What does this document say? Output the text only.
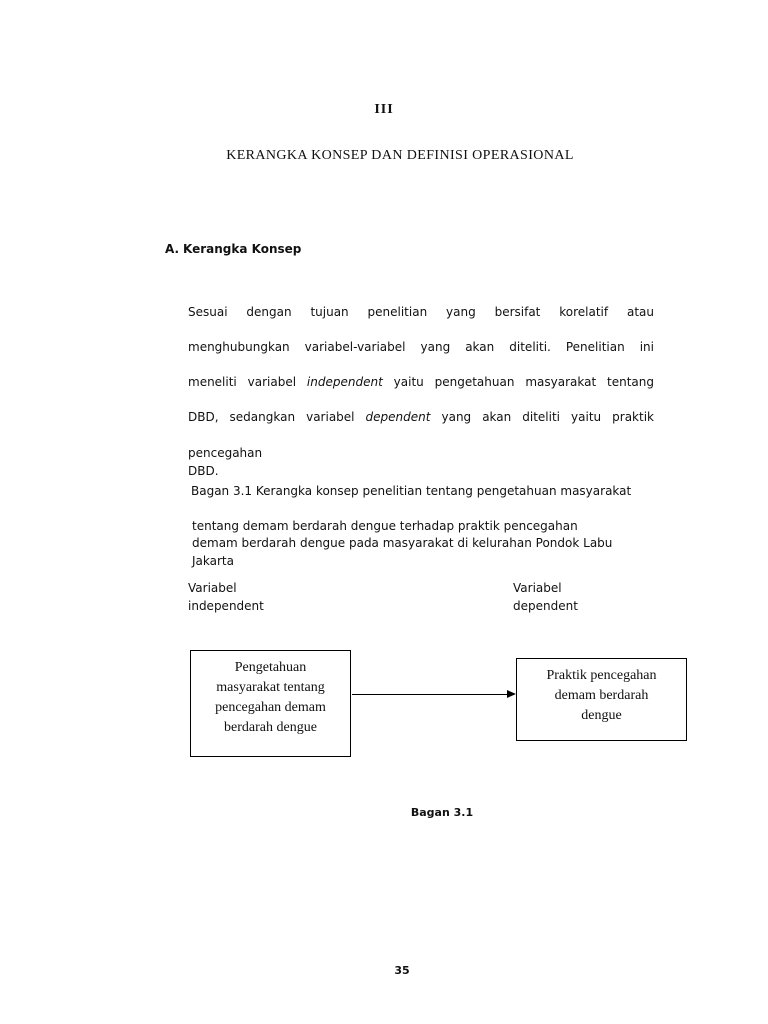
III
KERANGKA KONSEP DAN DEFINISI OPERASIONAL
A. Kerangka Konsep
Sesuai dengan tujuan penelitian yang bersifat korelatif atau
menghubungkan variabel-variabel yang akan diteliti. Penelitian ini
meneliti variabel independent yaitu pengetahuan masyarakat tentang
DBD, sedangkan variabel dependent yang akan diteliti yaitu praktik
pencegahan
DBD.
Bagan 3.1 Kerangka konsep penelitian tentang pengetahuan masyarakat
tentang demam berdarah dengue terhadap praktik pencegahan
demam berdarah dengue pada masyarakat di kelurahan Pondok Labu
Jakarta
Variabel
independent
Variabel
dependent
Pengetahuan
masyarakat tentang
pencegahan demam
berdarah dengue
Praktik pencegahan
demam berdarah
dengue
Bagan 3.1
35
